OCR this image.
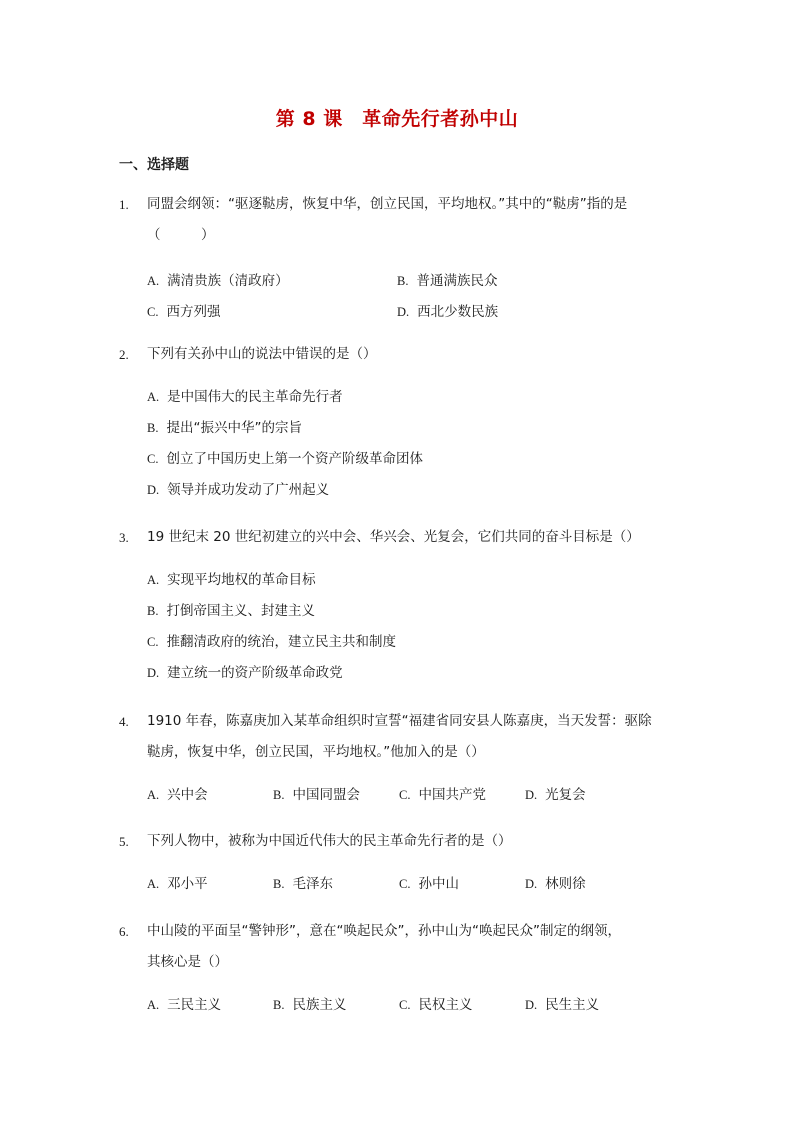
第 8 课　革命先行者孙中山
一、选择题
1. 同盟会纲领：“驱逐鞑虏，恢复中华，创立民国，平均地权。”其中的“鞑虏”指的是
（　　　）
A. 满清贵族（清政府）	B. 普通满族民众
C. 西方列强	D. 西北少数民族
2. 下列有关孙中山的说法中错误的是（）
A. 是中国伟大的民主革命先行者
B. 提出“振兴中华”的宗旨
C. 创立了中国历史上第一个资产阶级革命团体
D. 领导并成功发动了广州起义
3. 19 世纪末 20 世纪初建立的兴中会、华兴会、光复会，它们共同的奋斗目标是（）
A. 实现平均地权的革命目标
B. 打倒帝国主义、封建主义
C. 推翻清政府的统治，建立民主共和制度
D. 建立统一的资产阶级革命政党
4. 1910 年春，陈嘉庚加入某革命组织时宣誓“福建省同安县人陈嘉庚，当天发誓：驱除
鞑虏，恢复中华，创立民国，平均地权。”他加入的是（）
A. 兴中会	B. 中国同盟会	C. 中国共产党	D. 光复会
5. 下列人物中，被称为中国近代伟大的民主革命先行者的是（）
A. 邓小平	B. 毛泽东	C. 孙中山	D. 林则徐
6. 中山陵的平面呈“警钟形”，意在“唤起民众”，孙中山为“唤起民众”制定的纲领，
其核心是（）
A. 三民主义	B. 民族主义	C. 民权主义	D. 民生主义
